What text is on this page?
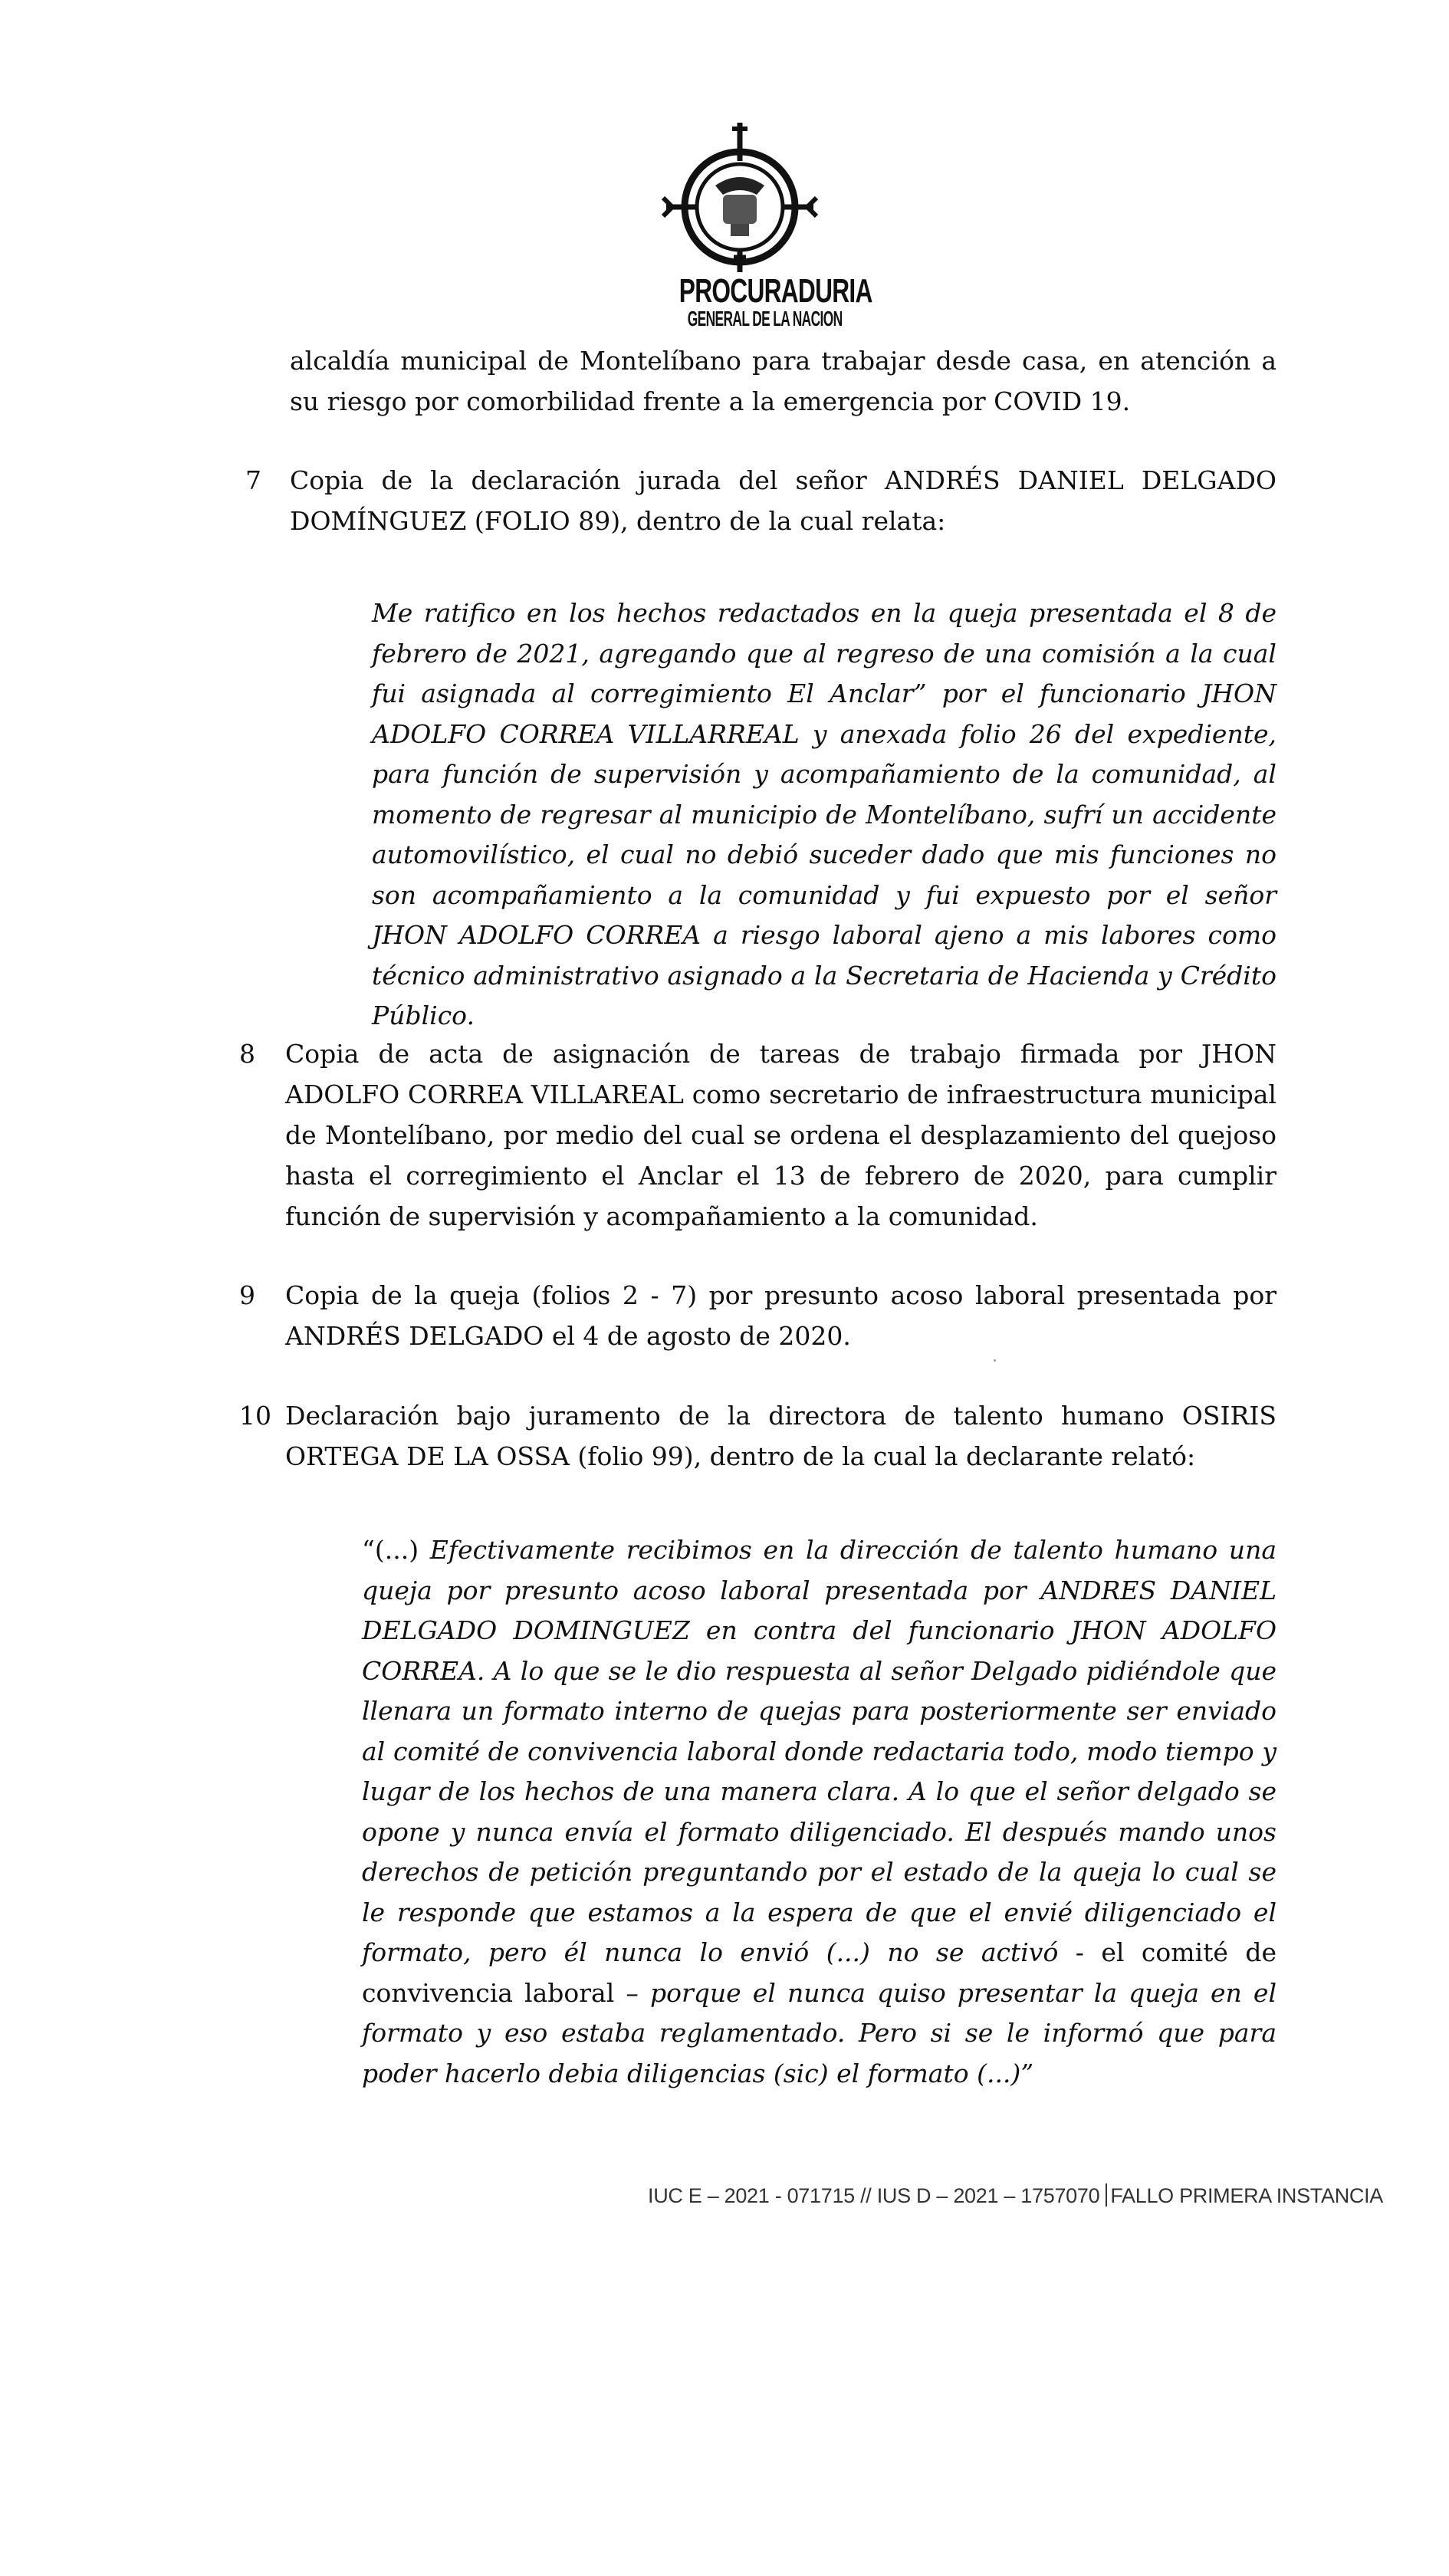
PROCURADURIA
GENERAL DE LA NACION
alcaldía municipal de Montelíbano para trabajar desde casa, en atención a su riesgo por comorbilidad frente a la emergencia por COVID 19.
7 Copia de la declaración jurada del señor ANDRÉS DANIEL DELGADO DOMÍNGUEZ (FOLIO 89), dentro de la cual relata:
Me ratifico en los hechos redactados en la queja presentada el 8 de febrero de 2021, agregando que al regreso de una comisión a la cual fui asignada al corregimiento El Anclar” por el funcionario JHON ADOLFO CORREA VILLARREAL y anexada folio 26 del expediente, para función de supervisión y acompañamiento de la comunidad, al momento de regresar al municipio de Montelíbano, sufrí un accidente automovilístico, el cual no debió suceder dado que mis funciones no son acompañamiento a la comunidad y fui expuesto por el señor JHON ADOLFO CORREA a riesgo laboral ajeno a mis labores como técnico administrativo asignado a la Secretaria de Hacienda y Crédito Público.
8 Copia de acta de asignación de tareas de trabajo firmada por JHON ADOLFO CORREA VILLAREAL como secretario de infraestructura municipal de Montelíbano, por medio del cual se ordena el desplazamiento del quejoso hasta el corregimiento el Anclar el 13 de febrero de 2020, para cumplir función de supervisión y acompañamiento a la comunidad.
9 Copia de la queja (folios 2 - 7) por presunto acoso laboral presentada por ANDRÉS DELGADO el 4 de agosto de 2020.
10 Declaración bajo juramento de la directora de talento humano OSIRIS ORTEGA DE LA OSSA (folio 99), dentro de la cual la declarante relató:
“(...) Efectivamente recibimos en la dirección de talento humano una queja por presunto acoso laboral presentada por ANDRES DANIEL DELGADO DOMINGUEZ en contra del funcionario JHON ADOLFO CORREA. A lo que se le dio respuesta al señor Delgado pidiéndole que llenara un formato interno de quejas para posteriormente ser enviado al comité de convivencia laboral donde redactaria todo, modo tiempo y lugar de los hechos de una manera clara. A lo que el señor delgado se opone y nunca envía el formato diligenciado. El después mando unos derechos de petición preguntando por el estado de la queja lo cual se le responde que estamos a la espera de que el envié diligenciado el formato, pero él nunca lo envió (...) no se activó - el comité de convivencia laboral – porque el nunca quiso presentar la queja en el formato y eso estaba reglamentado. Pero si se le informó que para poder hacerlo debia diligencias (sic) el formato (...)”
IUC E – 2021 - 071715 // IUS D – 2021 – 1757070 FALLO PRIMERA INSTANCIA
